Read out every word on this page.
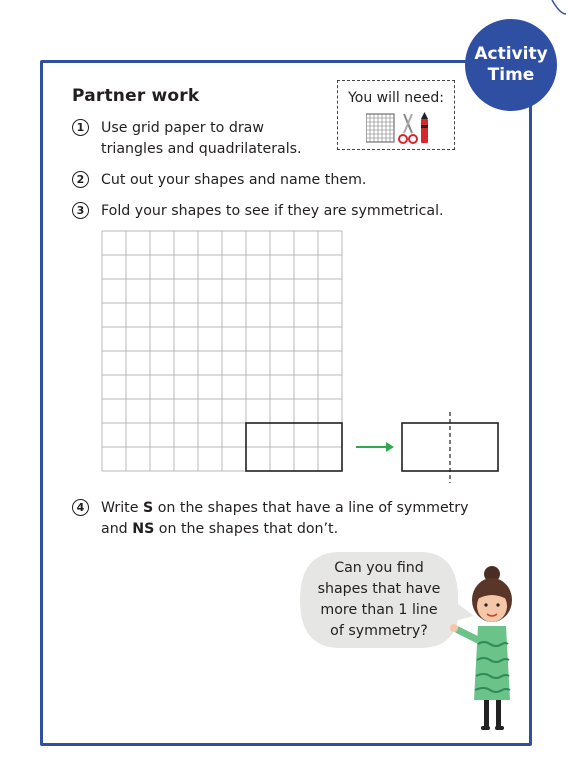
Activity
Time
Partner work	You will need:
1	Use grid paper to draw
triangles and quadrilaterals.
2	Cut out your shapes and name them.
3	Fold your shapes to see if they are symmetrical.
4	Write S on the shapes that have a line of symmetry
and NS on the shapes that don’t.
Can you find
shapes that have
more than 1 line
of symmetry?
